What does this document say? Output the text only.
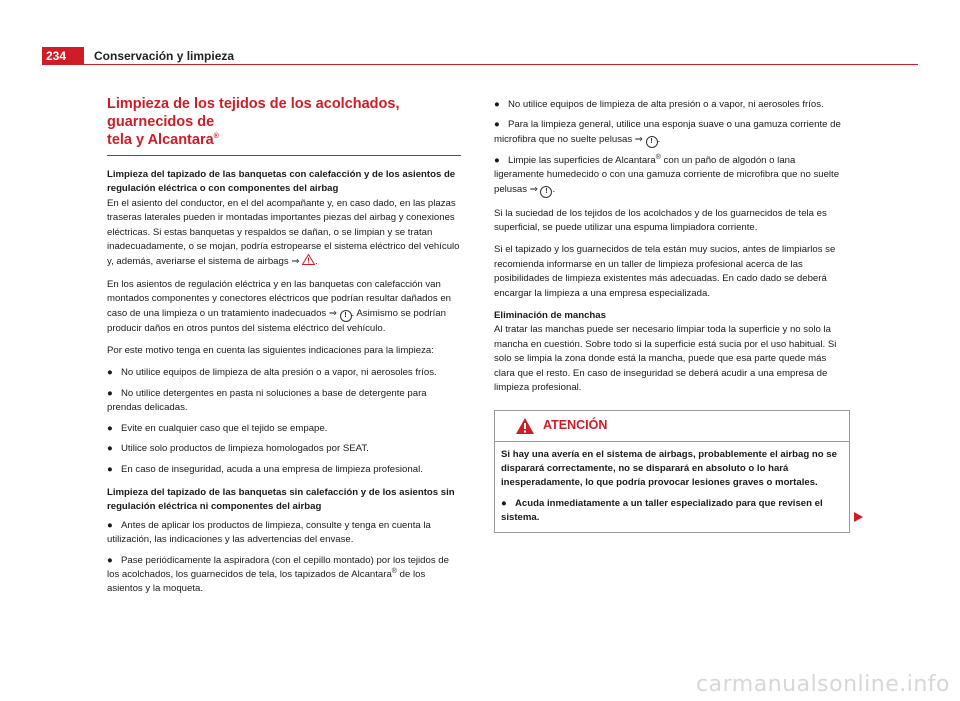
234	Conservación y limpieza
Limpieza de los tejidos de los acolchados, guarnecidos de
tela y Alcantara®
Limpieza del tapizado de las banquetas con calefacción y de los asientos de regulación eléctrica o con componentes del airbag

En el asiento del conductor, en el del acompañante y, en caso dado, en las plazas traseras laterales pueden ir montadas importantes piezas del airbag y conexiones eléctricas. Si estas banquetas y respaldos se dañan, o se limpian y se tratan inadecuadamente, o se mojan, podría estropearse el sistema eléctrico del vehículo y, además, averiarse el sistema de airbags ⇒ .

En los asientos de regulación eléctrica y en las banquetas con calefacción van montados componentes y conectores eléctricos que podrían resultar dañados en caso de una limpieza o un tratamiento inadecuados ⇒ ! . Asimismo se podrían producir daños en otros puntos del sistema eléctrico del vehículo.

Por este motivo tenga en cuenta las siguientes indicaciones para la limpieza:

● No utilice equipos de limpieza de alta presión o a vapor, ni aerosoles fríos.
● No utilice detergentes en pasta ni soluciones a base de detergente para prendas delicadas.
● Evite en cualquier caso que el tejido se empape.
● Utilice solo productos de limpieza homologados por SEAT.
● En caso de inseguridad, acuda a una empresa de limpieza profesional.
Limpieza del tapizado de las banquetas sin calefacción y de los asientos sin regulación eléctrica ni componentes del airbag
● Antes de aplicar los productos de limpieza, consulte y tenga en cuenta la utilización, las indicaciones y las advertencias del envase.
● Pase periódicamente la aspiradora (con el cepillo montado) por los tejidos de los acolchados, los guarnecidos de tela, los tapizados de Alcantara® de los asientos y la moqueta.
● No utilice equipos de limpieza de alta presión o a vapor, ni aerosoles fríos.
● Para la limpieza general, utilice una esponja suave o una gamuza corriente de microfibra que no suelte pelusas ⇒ ! .
● Limpie las superficies de Alcantara® con un paño de algodón o lana ligeramente humedecido o con una gamuza corriente de microfibra que no suelte pelusas ⇒ ! .

Si la suciedad de los tejidos de los acolchados y de los guarnecidos de tela es superficial, se puede utilizar una espuma limpiadora corriente.

Si el tapizado y los guarnecidos de tela están muy sucios, antes de limpiarlos se recomienda informarse en un taller de limpieza profesional acerca de las posibilidades de limpieza existentes más adecuadas. En cado dado se deberá encargar la limpieza a una empresa especializada.

Eliminación de manchas

Al tratar las manchas puede ser necesario limpiar toda la superficie y no solo la mancha en cuestión. Sobre todo si la superficie está sucia por el uso habitual. Si solo se limpia la zona donde está la mancha, puede que esa parte quede más clara que el resto. En caso de inseguridad se deberá acudir a una empresa de limpieza profesional.

ATENCIÓN

Si hay una avería en el sistema de airbags, probablemente el airbag no se disparará correctamente, no se disparará en absoluto o lo hará inesperadamente, lo que podría provocar lesiones graves o mortales.

● Acuda inmediatamente a un taller especializado para que revisen el sistema.

carmanualsonline.info
